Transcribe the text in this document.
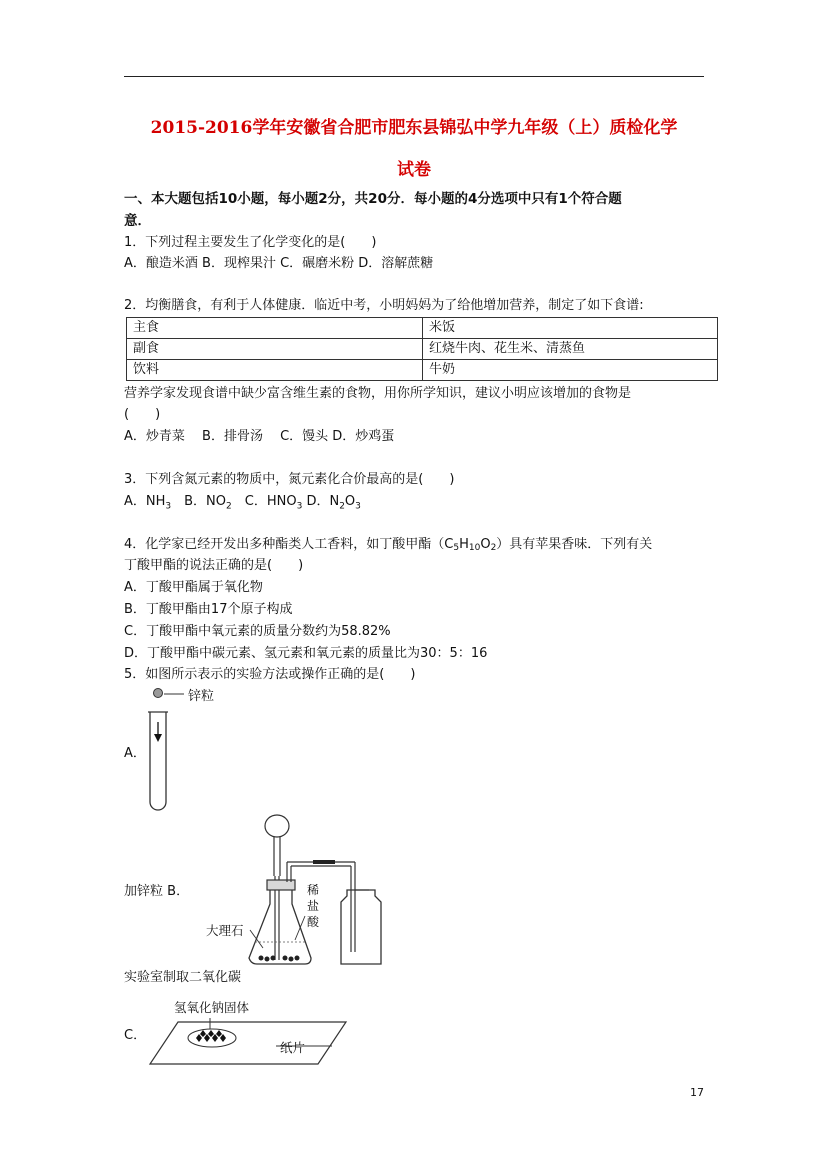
2015-2016学年安徽省合肥市肥东县锦弘中学九年级（上）质检化学
试卷
一、本大题包括10小题，每小题2分，共20分．每小题的4分选项中只有1个符合题
意．
1．下列过程主要发生了化学变化的是(　　)
A．酿造米酒 B．现榨果汁 C．碾磨米粉 D．溶解蔗糖
2．均衡膳食，有利于人体健康．临近中考，小明妈妈为了给他增加营养，制定了如下食谱:
主食	米饭
副食	红烧牛肉、花生米、清蒸鱼
饮料	牛奶
营养学家发现食谱中缺少富含维生素的食物，用你所学知识，建议小明应该增加的食物是
(　　)
A．炒青菜　 B．排骨汤　 C．馒头 D．炒鸡蛋
3．下列含氮元素的物质中，氮元素化合价最高的是(　　)
A．$NH_3$　B．$NO_2$　C．$HNO_3$ D．$N_2O_3$
4．化学家已经开发出多种酯类人工香料，如丁酸甲酯（C5H10O2）具有苹果香味．下列有关
丁酸甲酯的说法正确的是(　　)
A．丁酸甲酯属于氧化物
B．丁酸甲酯由17个原子构成
C．丁酸甲酯中氧元素的质量分数约为58.82%
D．丁酸甲酯中碳元素、氢元素和氧元素的质量比为30：5：16
5．如图所示表示的实验方法或操作正确的是(　　)
锌粒
A．
稀
盐
酸
大理石
加锌粒 B．
实验室制取二氧化碳
氢氧化钠固体
C．
纸片
17
